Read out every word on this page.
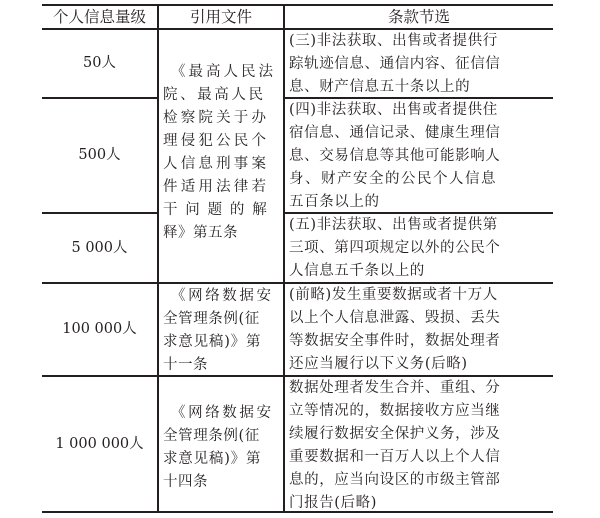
个人信息量级	引用文件	条款节选
50人
500人
5 000人
100 000人
1 000 000人
《最高人民法
院、最高人民
检察院关于办
理侵犯公民个
人信息刑事案
件适用法律若
干 问 题 的 解
释》第五条
《网络数据安
全管理条例(征
求意见稿)》第
十一条
《网络数据安
全管理条例(征
求意见稿)》第
十四条
(三)非法获取、出售或者提供行
踪轨迹信息、通信内容、征信信
息、财产信息五十条以上的
(四)非法获取、出售或者提供住
宿信息、通信记录、健康生理信
息、交易信息等其他可能影响人
身、财产安全的公民个人信息
五百条以上的
(五)非法获取、出售或者提供第
三项、第四项规定以外的公民个
人信息五千条以上的
(前略)发生重要数据或者十万人
以上个人信息泄露、毁损、丢失
等数据安全事件时，数据处理者
还应当履行以下义务(后略)
数据处理者发生合并、重组、分
立等情况的，数据接收方应当继
续履行数据安全保护义务，涉及
重要数据和一百万人以上个人信
息的，应当向设区的市级主管部
门报告(后略)
